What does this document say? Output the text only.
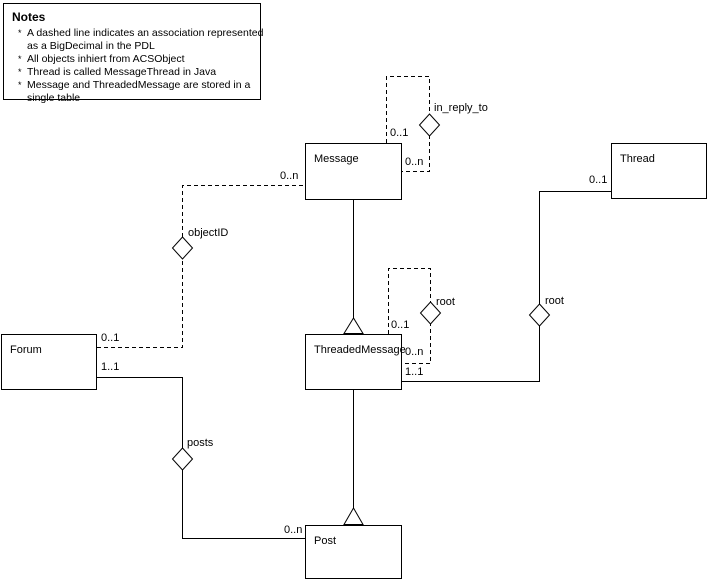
Notes
* A dashed line indicates an association represented
as a BigDecimal in the PDL
* All objects inhiert from ACSObject
* Thread is called MessageThread in Java
* Message and ThreadedMessage are stored in a
single table
Message	Thread
ThreadedMessage
Forum
Post
in_reply_to
root	root
objectID
posts
0..1
0..n
0..1
0..n
1..1
0..1
0..n
0..1
1..1
0..n
